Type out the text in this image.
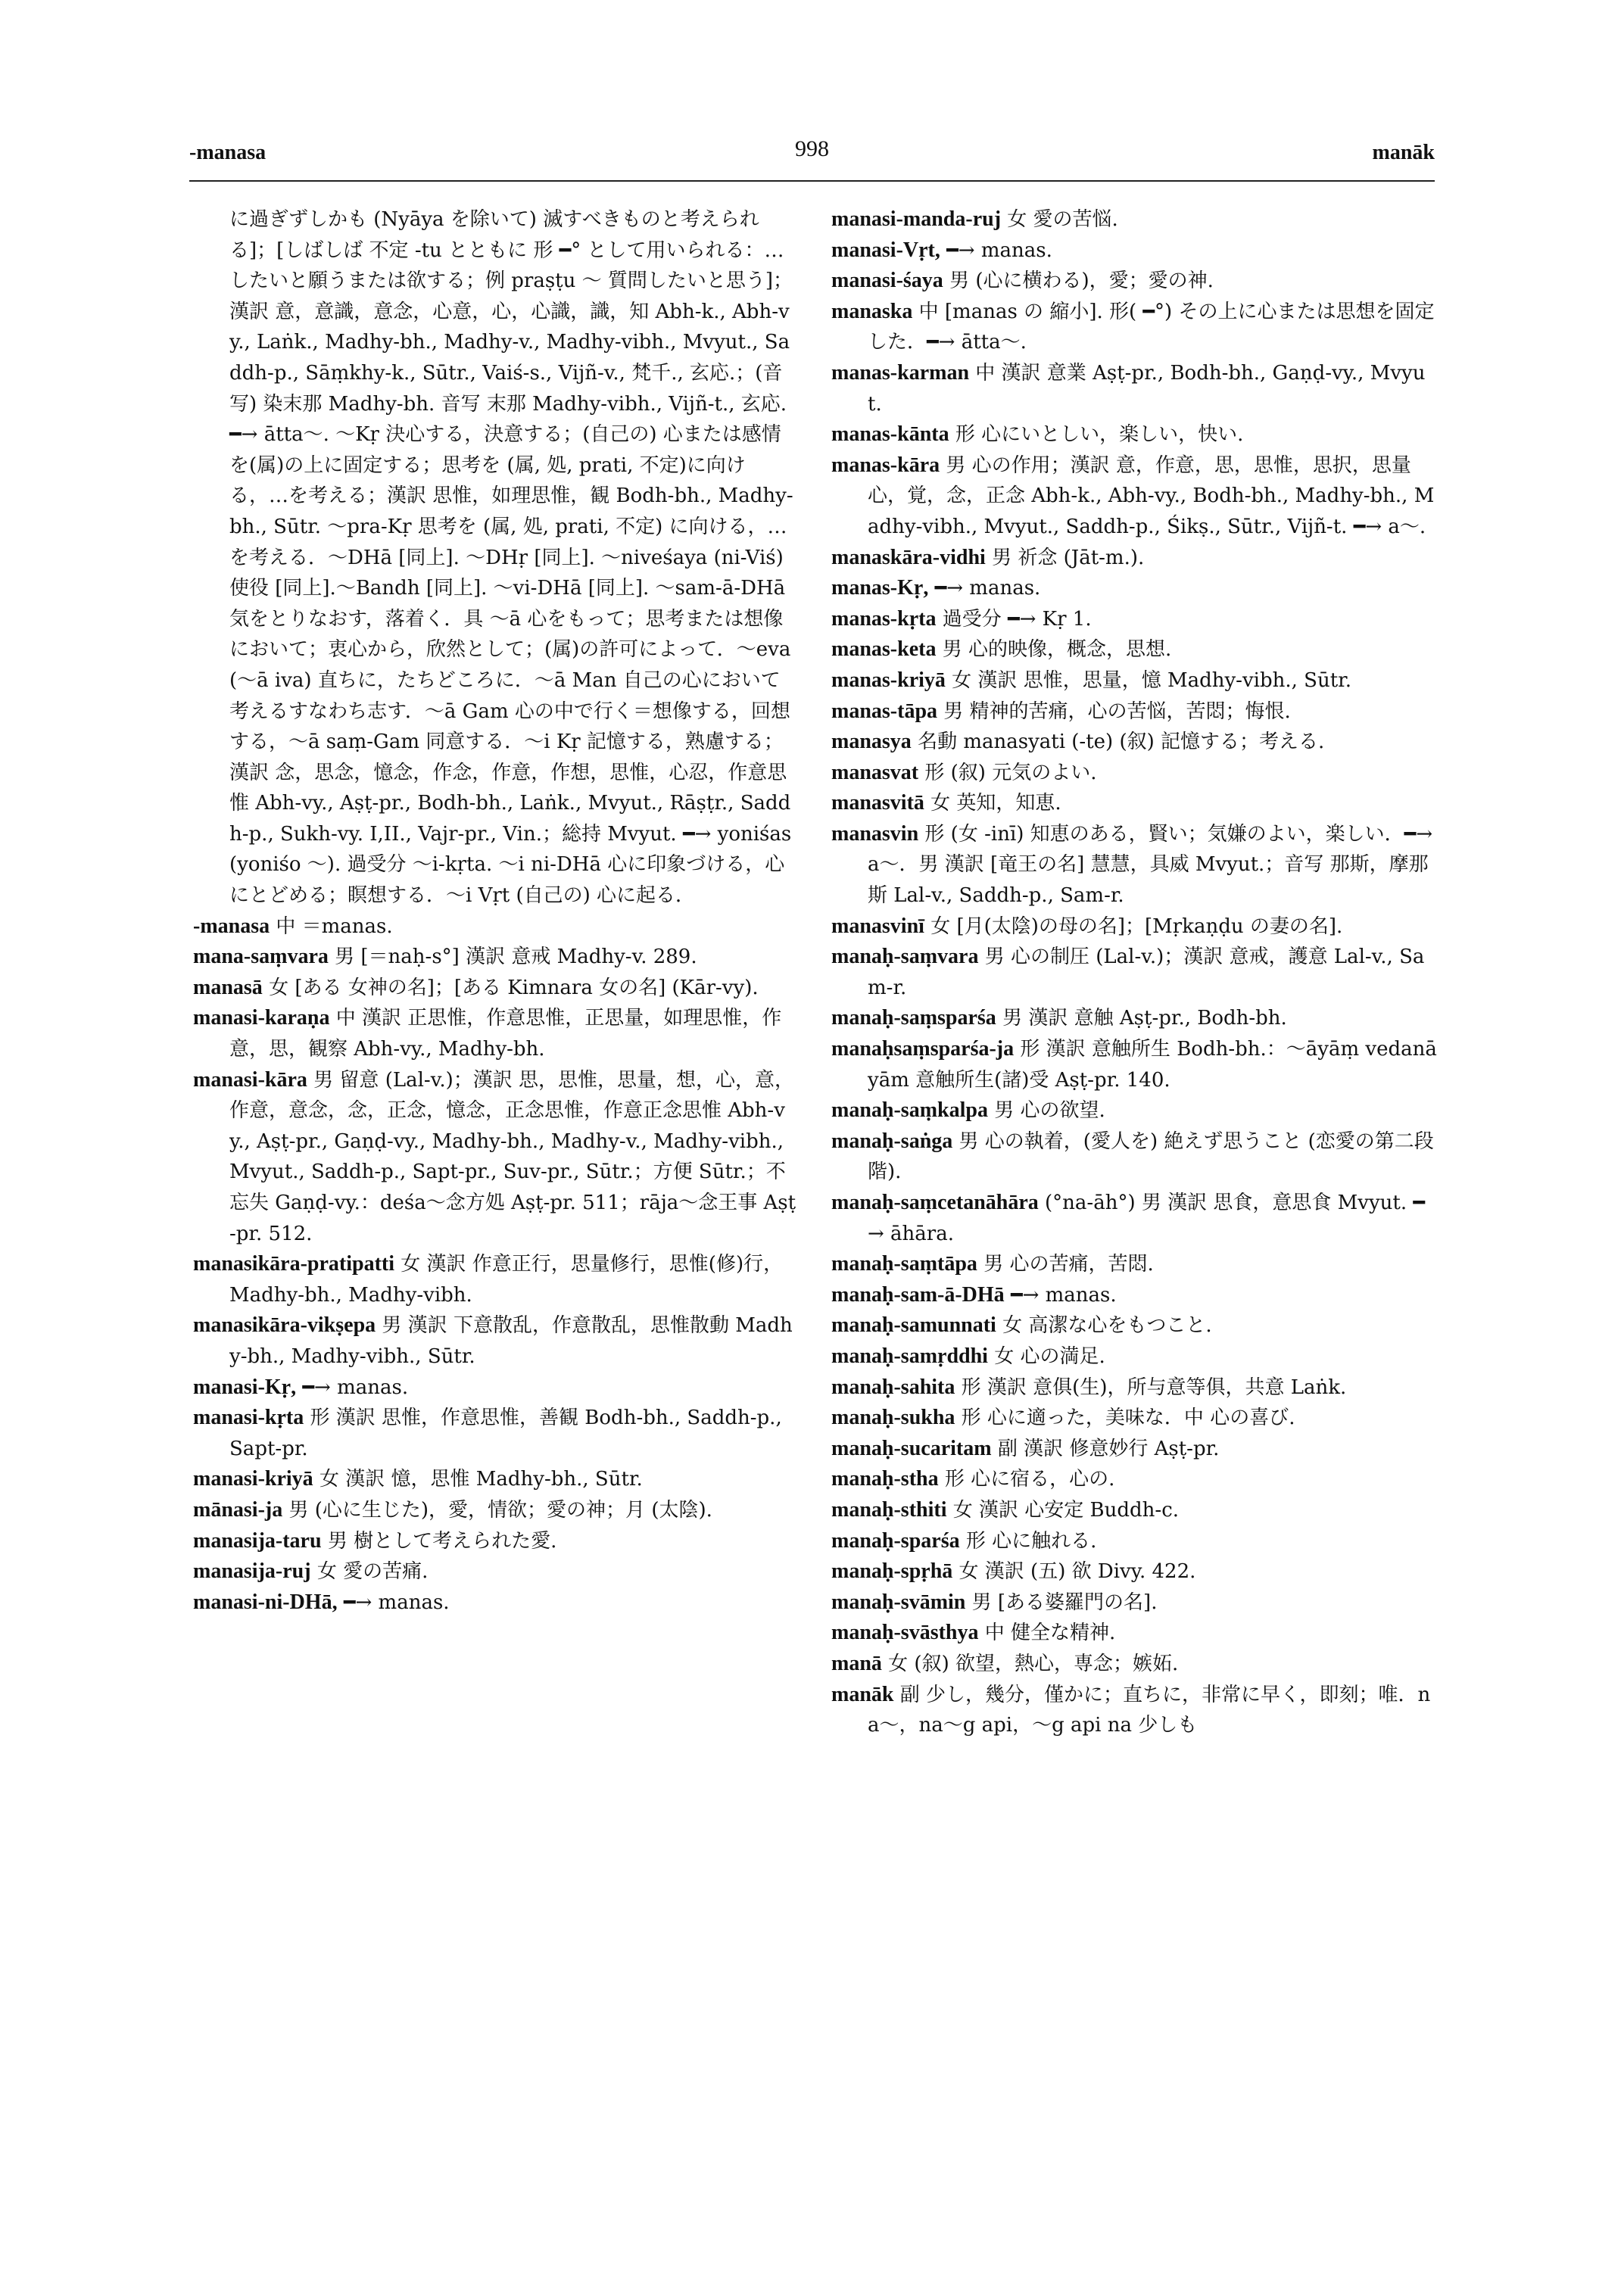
-manasa	998	manāk

に過ぎずしかも (Nyāya を除いて) 滅すべきものと考えられる]；[しばしば 不定 -tu とともに 形 ━° として用いられる：…したいと願うまたは欲する；例 praṣṭu ～ 質問したいと思う]；漢訳 意，意識，意念，心意，心，心識，識，知 Abh-k., Abh-vy., Laṅk., Madhy-bh., Madhy-v., Madhy-vibh., Mvyut., Saddh-p., Sāṃkhy-k., Sūtr., Vaiś-s., Vijñ-v., 梵千., 玄応.；(音写) 染末那 Madhy-bh. 音写 末那 Madhy-vibh., Vijñ-t., 玄応. ━→ ātta～. ～Kṛ 決心する，決意する；(自己の) 心または感情を(属)の上に固定する；思考を (属, 処, prati, 不定)に向ける，…を考える；漢訳 思惟，如理思惟，観 Bodh-bh., Madhy-bh., Sūtr. ～pra-Kṛ 思考を (属, 処, prati, 不定) に向ける，…を考える．～DHā [同上]. ～DHṛ [同上]. ～niveśaya (ni-Viś) 使役 [同上].～Bandh [同上]. ～vi-DHā [同上]. ～sam-ā-DHā 気をとりなおす，落着く．具 ～ā 心をもって；思考または想像において；衷心から，欣然として；(属)の許可によって．～eva (～ā iva) 直ちに，たちどころに．～ā Man 自己の心において考えるすなわち志す．～ā Gam 心の中で行く＝想像する，回想する，～ā saṃ-Gam 同意する．～i Kṛ 記憶する，熟慮する；漢訳 念，思念，憶念，作念，作意，作想，思惟，心忍，作意思惟 Abh-vy., Aṣṭ-pr., Bodh-bh., Laṅk., Mvyut., Rāṣṭr., Saddh-p., Sukh-vy. I,II., Vajr-pr., Vin.；総持 Mvyut. ━→ yoniśas (yoniśo ～). 過受分 ～i-kṛta. ～i ni-DHā 心に印象づける，心にとどめる；瞑想する．～i Vṛt (自己の) 心に起る．

-manasa 中 ＝manas.

mana-saṃvara 男 [＝naḥ-s°] 漢訳 意戒 Madhy-v. 289.

manasā 女 [ある 女神の名]；[ある Kimnara 女の名] (Kār-vy).

manasi-karaṇa 中 漢訳 正思惟，作意思惟，正思量，如理思惟，作意，思，観察 Abh-vy., Madhy-bh.

manasi-kāra 男 留意 (Lal-v.)；漢訳 思，思惟，思量，想，心，意，作意，意念，念，正念，憶念，正念思惟，作意正念思惟 Abh-vy., Aṣṭ-pr., Gaṇḍ-vy., Madhy-bh., Madhy-v., Madhy-vibh., Mvyut., Saddh-p., Sapt-pr., Suv-pr., Sūtr.；方便 Sūtr.；不忘失 Gaṇḍ-vy.：deśa～念方処 Aṣṭ-pr. 511；rāja～念王事 Aṣṭ-pr. 512.

manasikāra-pratipatti 女 漢訳 作意正行，思量修行，思惟(修)行，Madhy-bh., Madhy-vibh.

manasikāra-vikṣepa 男 漢訳 下意散乱，作意散乱，思惟散動 Madhy-bh., Madhy-vibh., Sūtr.

manasi-Kṛ, ━→ manas.

manasi-kṛta 形 漢訳 思惟，作意思惟，善観 Bodh-bh., Saddh-p., Sapt-pr.

manasi-kriyā 女 漢訳 憶，思惟 Madhy-bh., Sūtr.

mānasi-ja 男 (心に生じた)，愛，情欲；愛の神；月 (太陰).

manasija-taru 男 樹として考えられた愛.

manasija-ruj 女 愛の苦痛.

manasi-ni-DHā, ━→ manas.

manasi-manda-ruj 女 愛の苦悩.

manasi-Vṛt, ━→ manas.

manasi-śaya 男 (心に横わる)，愛；愛の神.

manaska 中 [manas の 縮小]. 形( ━°) その上に心または思想を固定した．━→ ātta～.

manas-karman 中 漢訳 意業 Aṣṭ-pr., Bodh-bh., Gaṇḍ-vy., Mvyut.

manas-kānta 形 心にいとしい，楽しい，快い.

manas-kāra 男 心の作用；漢訳 意，作意，思，思惟，思択，思量心，覚，念，正念 Abh-k., Abh-vy., Bodh-bh., Madhy-bh., Madhy-vibh., Mvyut., Saddh-p., Śikṣ., Sūtr., Vijñ-t. ━→ a～.

manaskāra-vidhi 男 祈念 (Jāt-m.).

manas-Kṛ, ━→ manas.

manas-kṛta 過受分 ━→ Kṛ 1.

manas-keta 男 心的映像，概念，思想.

manas-kriyā 女 漢訳 思惟，思量，憶 Madhy-vibh., Sūtr.

manas-tāpa 男 精神的苦痛，心の苦悩，苦悶；悔恨.

manasya 名動 manasyati (-te) (叙) 記憶する；考える.

manasvat 形 (叙) 元気のよい.

manasvitā 女 英知，知恵.

manasvin 形 (女 -inī) 知恵のある，賢い；気嫌のよい，楽しい．━→ a～．男 漢訳 [竜王の名] 慧慧，具威 Mvyut.；音写 那斯，摩那斯 Lal-v., Saddh-p., Sam-r.

manasvinī 女 [月(太陰)の母の名]；[Mṛkaṇḍu の妻の名].

manaḥ-saṃvara 男 心の制圧 (Lal-v.)；漢訳 意戒，護意 Lal-v., Sam-r.

manaḥ-saṃsparśa 男 漢訳 意触 Aṣṭ-pr., Bodh-bh.

manaḥsaṃsparśa-ja 形 漢訳 意触所生 Bodh-bh.：～āyāṃ vedanāyām 意触所生(諸)受 Aṣṭ-pr. 140.

manaḥ-saṃkalpa 男 心の欲望.

manaḥ-saṅga 男 心の執着，(愛人を) 絶えず思うこと (恋愛の第二段階).

manaḥ-saṃcetanāhāra (°na-āh°) 男 漢訳 思食，意思食 Mvyut. ━→ āhāra.

manaḥ-saṃtāpa 男 心の苦痛，苦悶.

manaḥ-sam-ā-DHā ━→ manas.

manaḥ-samunnati 女 高潔な心をもつこと.

manaḥ-samṛddhi 女 心の満足.

manaḥ-sahita 形 漢訳 意俱(生)，所与意等俱，共意 Laṅk.

manaḥ-sukha 形 心に適った，美味な．中 心の喜び.

manaḥ-sucaritam 副 漢訳 修意妙行 Aṣṭ-pr.

manaḥ-stha 形 心に宿る，心の.

manaḥ-sthiti 女 漢訳 心安定 Buddh-c.

manaḥ-sparśa 形 心に触れる.

manaḥ-spṛhā 女 漢訳 (五) 欲 Divy. 422.

manaḥ-svāmin 男 [ある婆羅門の名].

manaḥ-svāsthya 中 健全な精神.

manā 女 (叙) 欲望，熱心，専念；嫉妬.

manāk 副 少し，幾分，僅かに；直ちに，非常に早く，即刻；唯．na～，na～g api，～g api na 少しも
